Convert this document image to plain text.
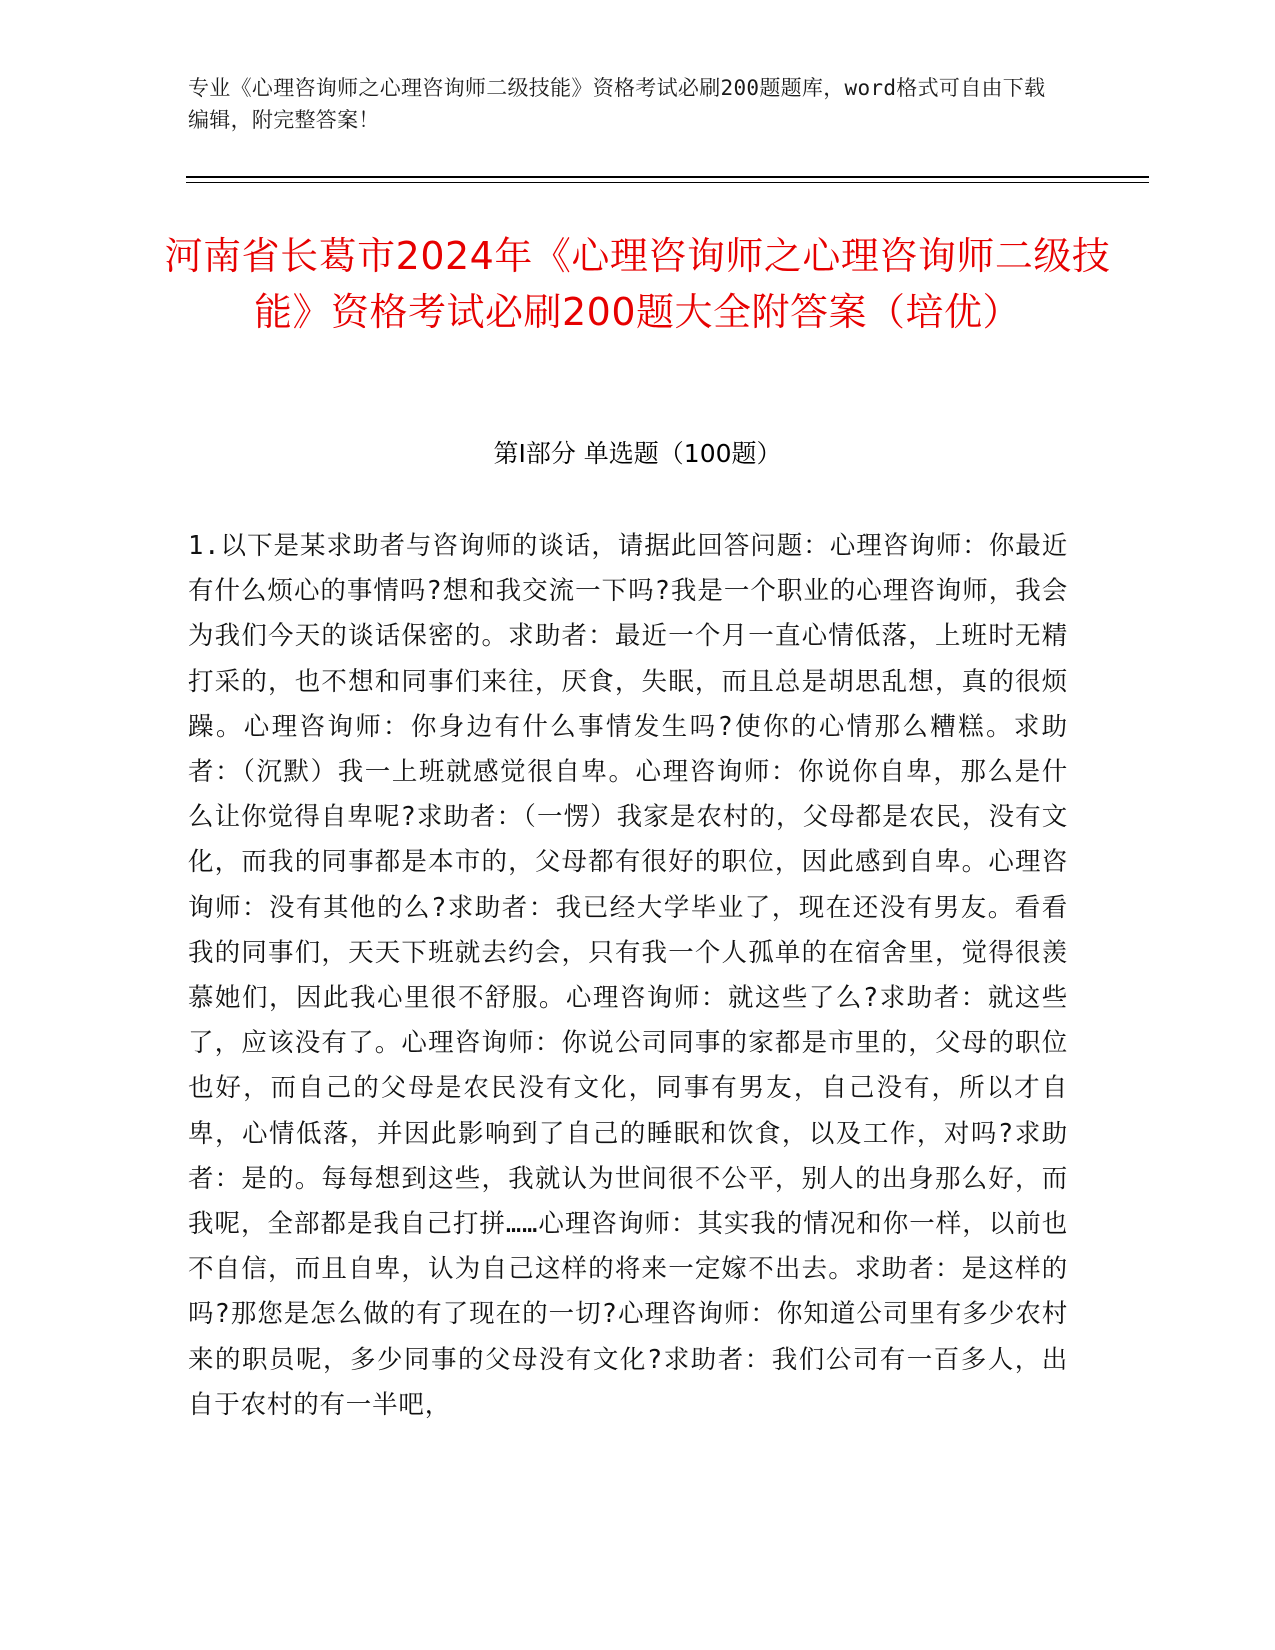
专业《心理咨询师之心理咨询师二级技能》资格考试必刷200题题库，word格式可自由下载编辑，附完整答案！
河南省长葛市2024年《心理咨询师之心理咨询师二级技能》资格考试必刷200题大全附答案（培优）
第Ⅰ部分 单选题（100题）
1.以下是某求助者与咨询师的谈话，请据此回答问题：心理咨询师：你最近有什么烦心的事情吗?想和我交流一下吗?我是一个职业的心理咨询师，我会为我们今天的谈话保密的。求助者：最近一个月一直心情低落，上班时无精打采的，也不想和同事们来往，厌食，失眠，而且总是胡思乱想，真的很烦躁。心理咨询师：你身边有什么事情发生吗?使你的心情那么糟糕。求助者：（沉默）我一上班就感觉很自卑。心理咨询师：你说你自卑，那么是什么让你觉得自卑呢?求助者：（一愣）我家是农村的，父母都是农民，没有文化，而我的同事都是本市的，父母都有很好的职位，因此感到自卑。心理咨询师：没有其他的么?求助者：我已经大学毕业了，现在还没有男友。看看我的同事们，天天下班就去约会，只有我一个人孤单的在宿舍里，觉得很羡慕她们，因此我心里很不舒服。心理咨询师：就这些了么?求助者：就这些了，应该没有了。心理咨询师：你说公司同事的家都是市里的，父母的职位也好，而自己的父母是农民没有文化，同事有男友，自己没有，所以才自卑，心情低落，并因此影响到了自己的睡眠和饮食，以及工作，对吗?求助者：是的。每每想到这些，我就认为世间很不公平，别人的出身那么好，而我呢，全部都是我自己打拼……心理咨询师：其实我的情况和你一样，以前也不自信，而且自卑，认为自己这样的将来一定嫁不出去。求助者：是这样的吗?那您是怎么做的有了现在的一切?心理咨询师：你知道公司里有多少农村来的职员呢，多少同事的父母没有文化?求助者：我们公司有一百多人，出自于农村的有一半吧，
